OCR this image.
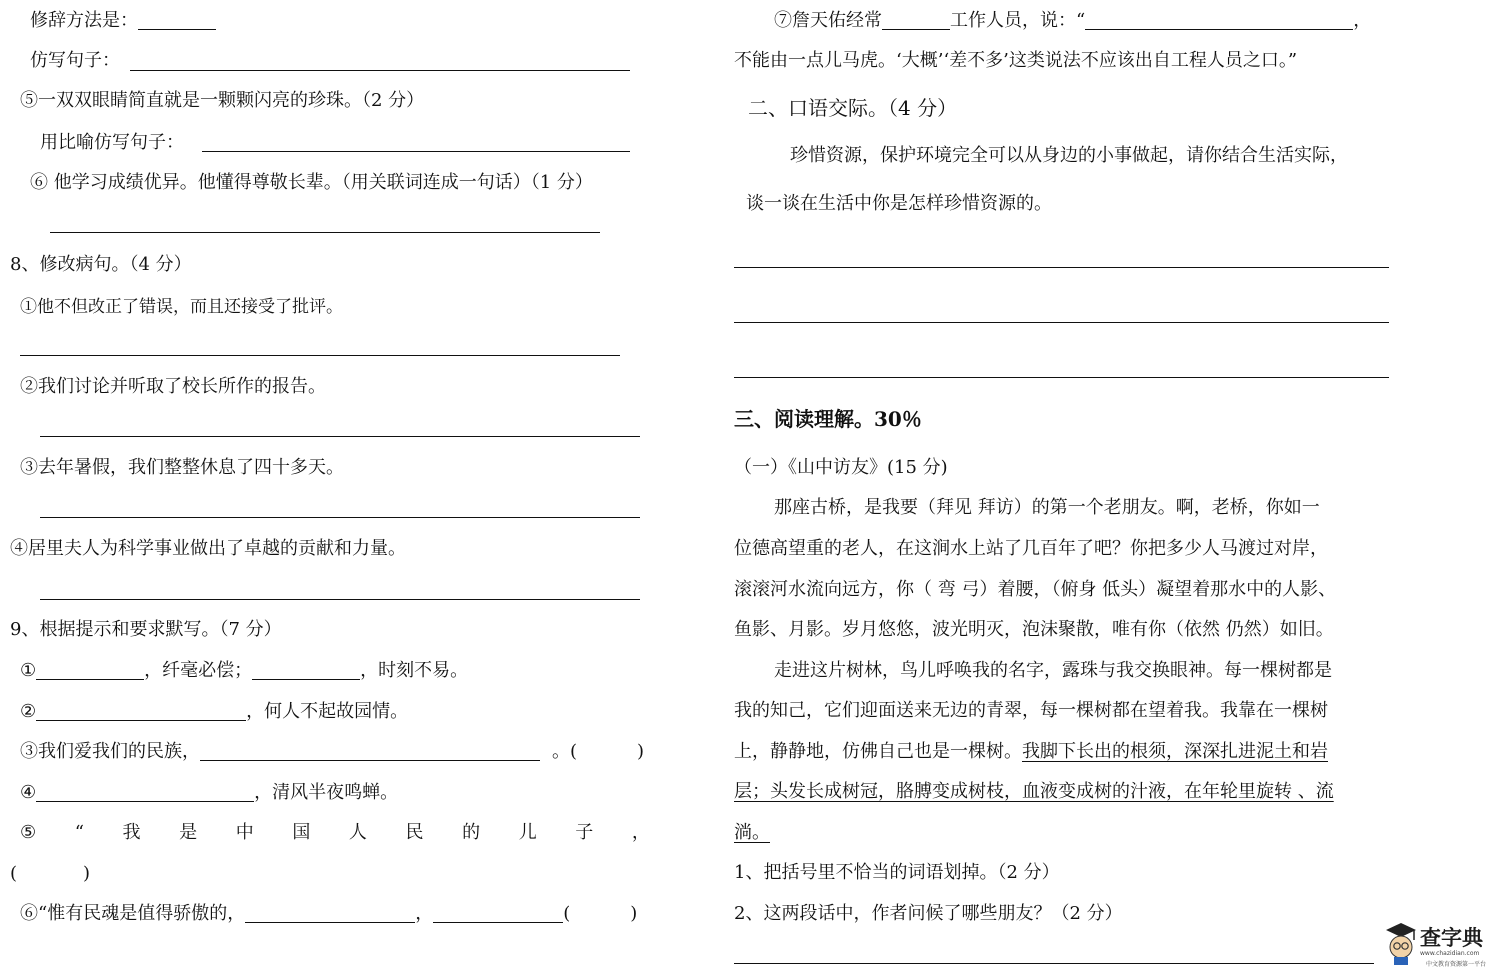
修辞方法是：
仿写句子：
⑤一双双眼睛简直就是一颗颗闪亮的珍珠。（2 分）
用比喻仿写句子：
⑥ 他学习成绩优异。他懂得尊敬长辈。（用关联词连成一句话）（1 分）
8、修改病句。（4 分）
①他不但改正了错误，而且还接受了批评。
②我们讨论并听取了校长所作的报告。
③去年暑假，我们整整休息了四十多天。
④居里夫人为科学事业做出了卓越的贡献和力量。
9、根据提示和要求默写。（7 分）
①	，纤毫必偿；	，时刻不易。
②	，何人不起故园情。
③我们爱我们的民族，	。(	)
④	，清风半夜鸣蝉。
⑤ “ 我 是 中 国 人 民 的 儿 子 ，
(	)
⑥“惟有民魂是值得骄傲的，	，	(	)
⑦詹天佑经常	工作人员，说：“	，
不能由一点儿马虎。‘大概’‘差不多’这类说法不应该出自工程人员之口。”
二、口语交际。（4 分）
珍惜资源，保护环境完全可以从身边的小事做起，请你结合生活实际，
谈一谈在生活中你是怎样珍惜资源的。
三、阅读理解。30％
（一）《山中访友》(15 分)
那座古桥，是我要（拜见 拜访）的第一个老朋友。啊，老桥，你如一
位德高望重的老人，在这涧水上站了几百年了吧？你把多少人马渡过对岸，
滚滚河水流向远方，你（ 弯 弓）着腰，（俯身 低头）凝望着那水中的人影、
鱼影、月影。岁月悠悠，波光明灭，泡沫聚散，唯有你（依然 仍然）如旧。
走进这片树林，鸟儿呼唤我的名字，露珠与我交换眼神。每一棵树都是
我的知己，它们迎面送来无边的青翠，每一棵树都在望着我。我靠在一棵树
上，静静地，仿佛自己也是一棵树。我脚下长出的根须，深深扎进泥土和岩
层；头发长成树冠，胳膊变成树枝，血液变成树的汁液，在年轮里旋转 、流
淌。
1、把括号里不恰当的词语划掉。（2 分）
2、这两段话中，作者问候了哪些朋友？（2 分）
查字典
www.chazidian.com
中文教育资源第一平台
